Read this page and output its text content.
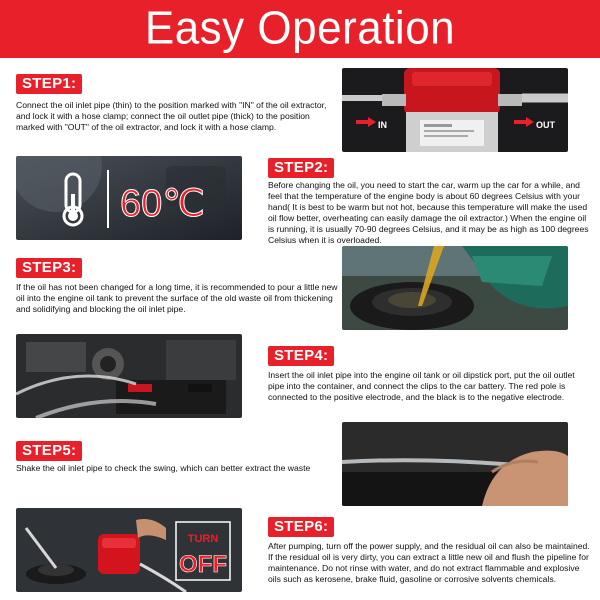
Easy Operation
STEP1:

Connect the oil inlet pipe (thin) to the position marked with "IN" of the oil extractor, and lock it with a hose clamp; connect the oil outlet pipe (thick) to the position marked with "OUT" of the oil extractor, and lock it with a hose clamp.	IN	OUT
60℃
STEP2:

Before changing the oil, you need to start the car, warm up the car for a while, and feel that the temperature of the engine body is about 60 degrees Celsius with your hand( It is best to be warm but not hot, because this temperature will make the used oil flow better, overheating can easily damage the oil extractor.) When the engine oil is running, it is usually 70-90 degrees Celsius, and it may be as high as 100 degrees Celsius when it is overloaded.

STEP3:

If the oil has not been changed for a long time, it is recommended to pour a little new oil into the engine oil tank to prevent the surface of the old waste oil from thickening and solidifying and blocking the oil inlet pipe.

STEP4:

Insert the oil inlet pipe into the engine oil tank or oil dipstick port, put the oil outlet pipe into the container, and connect the clips to the car battery. The red pole is connected to the positive electrode, and the black is to the negative electrode.

STEP5:

Shake the oil inlet pipe to check the swing, which can better extract the waste

TURN
OFF
STEP6:

After pumping, turn off the power supply, and the residual oil can also be maintained. If the residual oil is very dirty, you can extract a little new oil and flush the pipeline for maintenance. Do not rinse with water, and do not extract flammable and explosive oils such as kerosene, brake fluid, gasoline or corrosive solvents chemicals.
